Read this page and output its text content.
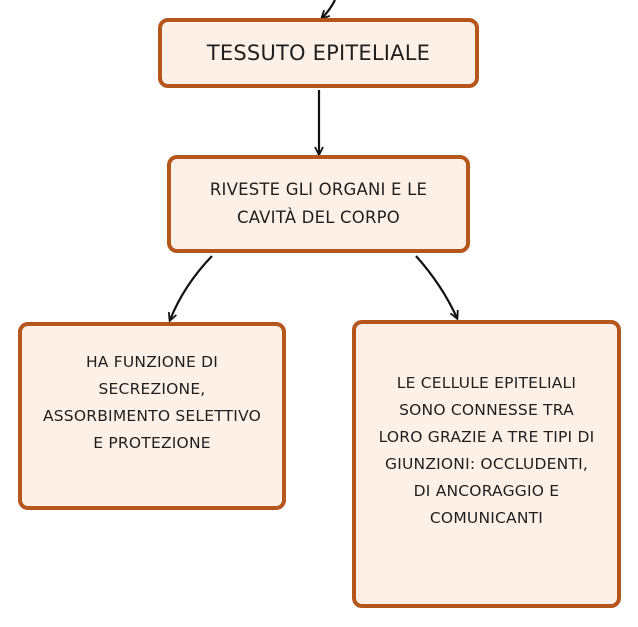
TESSUTO EPITELIALE
RIVESTE GLI ORGANI E LE
CAVITÀ DEL CORPO
HA FUNZIONE DI
SECREZIONE,
ASSORBIMENTO SELETTIVO
E PROTEZIONE
LE CELLULE EPITELIALI
SONO CONNESSE TRA
LORO GRAZIE A TRE TIPI DI
GIUNZIONI: OCCLUDENTI,
DI ANCORAGGIO E
COMUNICANTI
